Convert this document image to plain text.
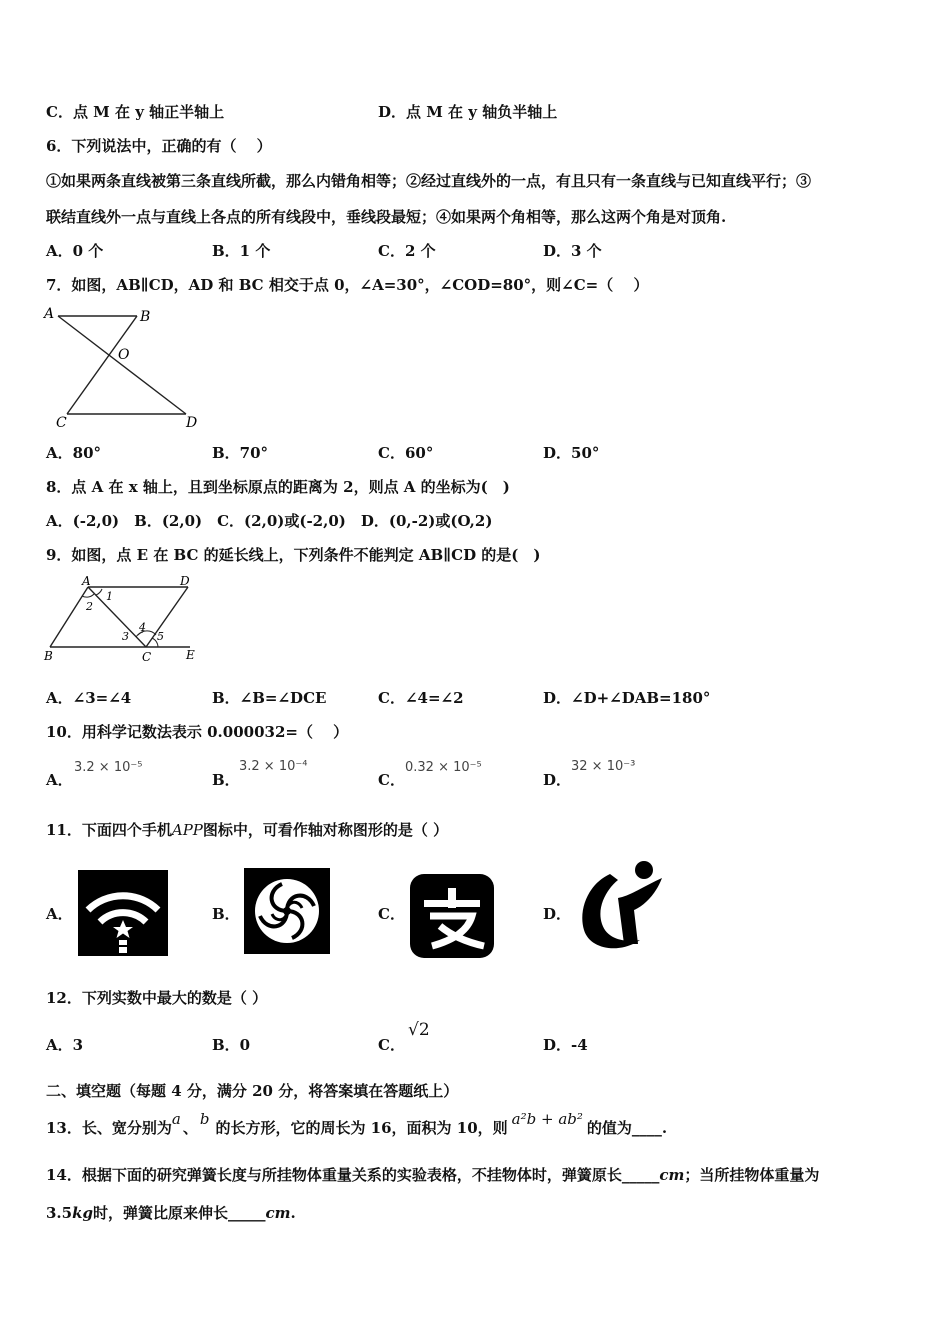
C．点 M 在 y 轴正半轴上	D．点 M 在 y 轴负半轴上
6．下列说法中，正确的有（　 ）
①如果两条直线被第三条直线所截，那么内错角相等；②经过直线外的一点，有且只有一条直线与已知直线平行；③
联结直线外一点与直线上各点的所有线段中，垂线段最短；④如果两个角相等，那么这两个角是对顶角.
A．0 个	B．1 个	C．2 个	D．3 个
7．如图，AB∥CD，AD 和 BC 相交于点 0，∠A=30°，∠COD=80°，则∠C=（　 ）
A	B
O
C	D
A．80°	B．70°	C．60°	D．50°
8．点 A 在 x 轴上，且到坐标原点的距离为 2，则点 A 的坐标为(　)
A．(-2,0)　B．(2,0)　C．(2,0)或(-2,0)　D．(0,-2)或(O,2)
9．如图，点 E 在 BC 的延长线上，下列条件不能判定 AB∥CD 的是(　)
A	D
B	C	E
1
2
3
4
5
A．∠3=∠4	B．∠B=∠DCE	C．∠4=∠2	D．∠D+∠DAB=180°
10．用科学记数法表示 0.000032=（　 ）
A．
3.2 × 10⁻⁵
B．
3.2 × 10⁻⁴
C．
0.32 × 10⁻⁵
D．
32 × 10⁻³
11．下面四个手机APP图标中，可看作轴对称图形的是（ ）
A．	B．	C．	D．
12．下列实数中最大的数是（ ）
A．3	B．0	C．
√2
D．-4
二、填空题（每题 4 分，满分 20 分，将答案填在答题纸上）
13．长、宽分别为a 、 b 的长方形，它的周长为 16，面积为 10，则 a²b + ab² 的值为____.
14．根据下面的研究弹簧长度与所挂物体重量关系的实验表格，不挂物体时，弹簧原长_____cm；当所挂物体重量为
3.5kg时，弹簧比原来伸长_____cm.
